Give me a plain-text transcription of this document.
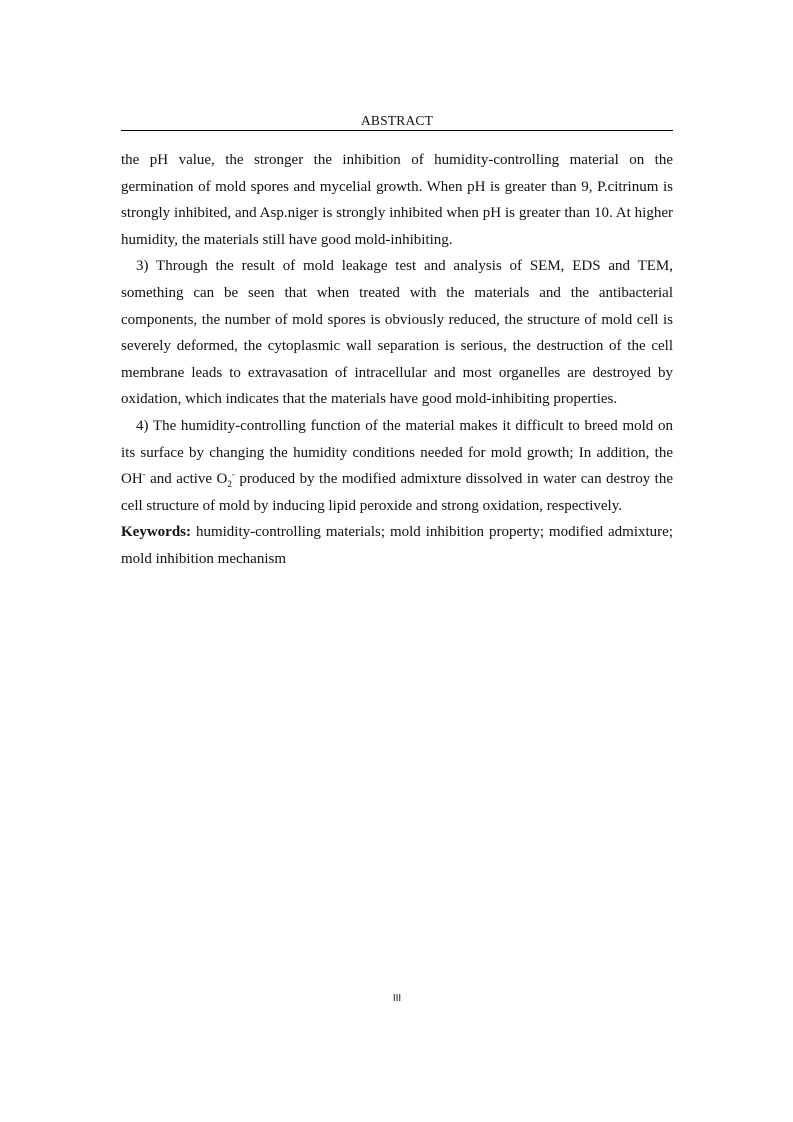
ABSTRACT

the pH value, the stronger the inhibition of humidity-controlling material on the germination of mold spores and mycelial growth. When pH is greater than 9, P.citrinum is strongly inhibited, and Asp.niger is strongly inhibited when pH is greater than 10. At higher humidity, the materials still have good mold-inhibiting.

3) Through the result of mold leakage test and analysis of SEM, EDS and TEM, something can be seen that when treated with the materials and the antibacterial components, the number of mold spores is obviously reduced, the structure of mold cell is severely deformed, the cytoplasmic wall separation is serious, the destruction of the cell membrane leads to extravasation of intracellular and most organelles are destroyed by oxidation, which indicates that the materials have good mold-inhibiting properties.

4) The humidity-controlling function of the material makes it difficult to breed mold on its surface by changing the humidity conditions needed for mold growth; In addition, the OH- and active $O_2^-$ produced by the modified admixture dissolved in water can destroy the cell structure of mold by inducing lipid peroxide and strong oxidation, respectively.

Keywords: humidity-controlling materials; mold inhibition property; modified admixture; mold inhibition mechanism

III
